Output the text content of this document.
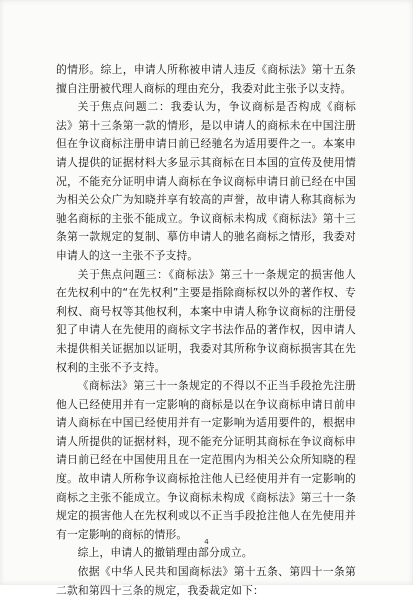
的情形。综上，申请人所称被申请人违反《商标法》第十五条擅自注册被代理人商标的理由充分，我委对此主张予以支持。

关于焦点问题二：我委认为，争议商标是否构成《商标法》第十三条第一款的情形，是以申请人的商标未在中国注册但在争议商标注册申请日前已经驰名为适用要件之一。本案申请人提供的证据材料大多显示其商标在日本国的宣传及使用情况，不能充分证明申请人商标在争议商标申请日前已经在中国为相关公众广为知晓并享有较高的声誉，故申请人称其商标为驰名商标的主张不能成立。争议商标未构成《商标法》第十三条第一款规定的复制、摹仿申请人的驰名商标之情形，我委对申请人的这一主张不予支持。

关于焦点问题三：《商标法》第三十一条规定的损害他人在先权利中的“在先权利”主要是指除商标权以外的著作权、专利权、商号权等其他权利，本案中申请人称争议商标的注册侵犯了申请人在先使用的商标文字书法作品的著作权，因申请人未提供相关证据加以证明，我委对其所称争议商标损害其在先权利的主张不予支持。

《商标法》第三十一条规定的不得以不正当手段抢先注册他人已经使用并有一定影响的商标是以在争议商标申请日前申请人商标在中国已经使用并有一定影响为适用要件的，根据申请人所提供的证据材料，现不能充分证明其商标在争议商标申请日前已经在中国使用且在一定范围内为相关公众所知晓的程度。故申请人所称争议商标抢注他人已经使用并有一定影响的商标之主张不能成立。争议商标未构成《商标法》第三十一条规定的损害他人在先权利或以不正当手段抢注他人在先使用并有一定影响的商标的情形。

综上，申请人的撤销理由部分成立。

依据《中华人民共和国商标法》第十五条、第四十一条第二款和第四十三条的规定，我委裁定如下：

4
